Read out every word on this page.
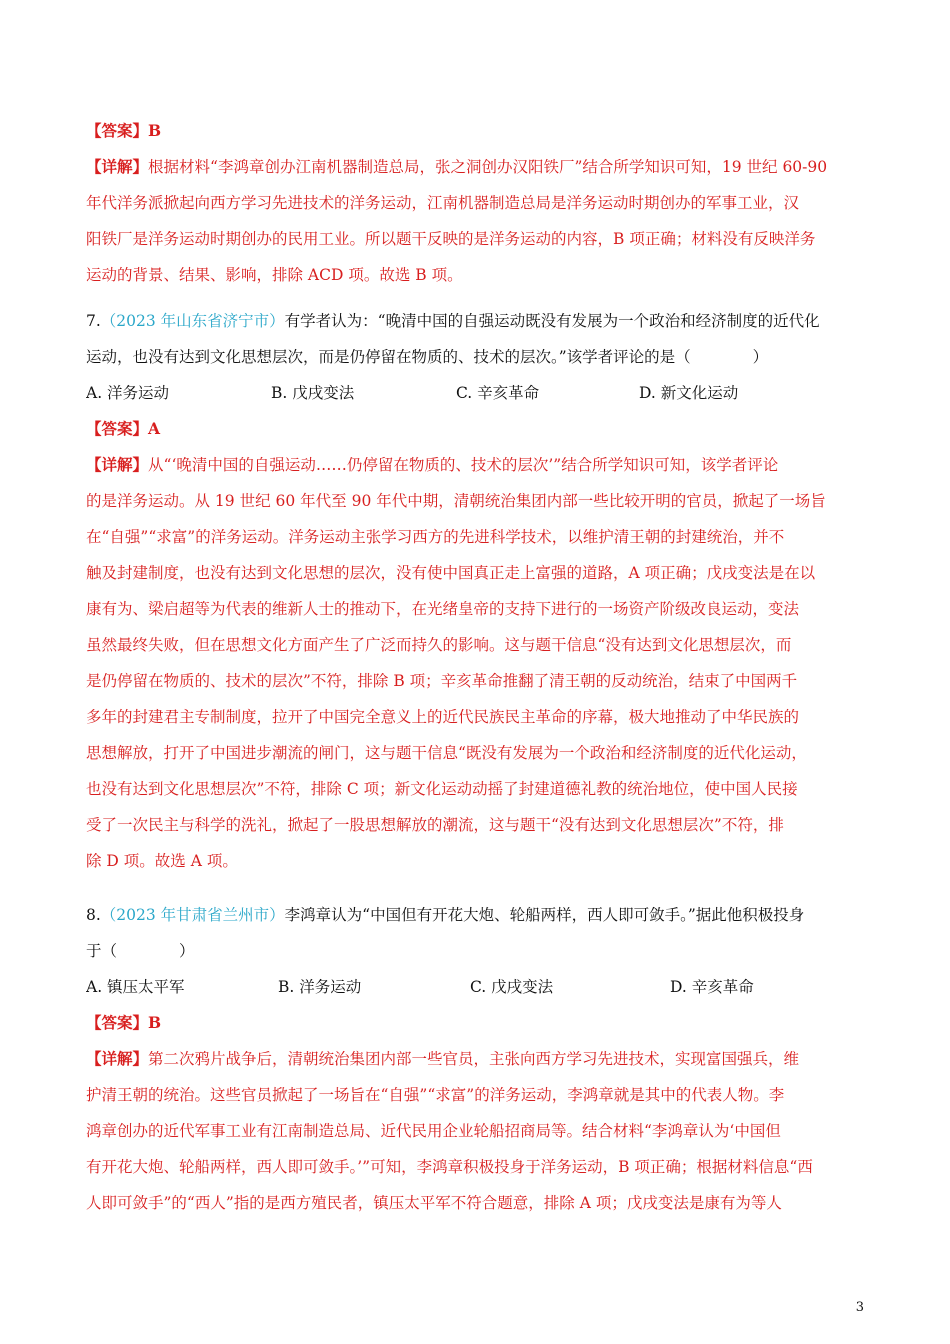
【答案】B
【详解】根据材料“李鸿章创办江南机器制造总局，张之洞创办汉阳铁厂”结合所学知识可知，19 世纪 60-90
年代洋务派掀起向西方学习先进技术的洋务运动，江南机器制造总局是洋务运动时期创办的军事工业，汉
阳铁厂是洋务运动时期创办的民用工业。所以题干反映的是洋务运动的内容，B 项正确；材料没有反映洋务
运动的背景、结果、影响，排除 ACD 项。故选 B 项。
7.（2023 年山东省济宁市）有学者认为：“晚清中国的自强运动既没有发展为一个政治和经济制度的近代化
运动，也没有达到文化思想层次，而是仍停留在物质的、技术的层次。”该学者评论的是（　　　　）
A. 洋务运动	B. 戊戌变法	C. 辛亥革命	D. 新文化运动
【答案】A
【详解】从“‘晚清中国的自强运动……仍停留在物质的、技术的层次’”结合所学知识可知，该学者评论
的是洋务运动。从 19 世纪 60 年代至 90 年代中期，清朝统治集团内部一些比较开明的官员，掀起了一场旨
在“自强”“求富”的洋务运动。洋务运动主张学习西方的先进科学技术，以维护清王朝的封建统治，并不
触及封建制度，也没有达到文化思想的层次，没有使中国真正走上富强的道路，A 项正确；戊戌变法是在以
康有为、梁启超等为代表的维新人士的推动下，在光绪皇帝的支持下进行的一场资产阶级改良运动，变法
虽然最终失败，但在思想文化方面产生了广泛而持久的影响。这与题干信息“没有达到文化思想层次，而
是仍停留在物质的、技术的层次”不符，排除 B 项；辛亥革命推翻了清王朝的反动统治，结束了中国两千
多年的封建君主专制制度，拉开了中国完全意义上的近代民族民主革命的序幕，极大地推动了中华民族的
思想解放，打开了中国进步潮流的闸门，这与题干信息“既没有发展为一个政治和经济制度的近代化运动，
也没有达到文化思想层次”不符，排除 C 项；新文化运动动摇了封建道德礼教的统治地位，使中国人民接
受了一次民主与科学的洗礼，掀起了一股思想解放的潮流，这与题干“没有达到文化思想层次”不符，排
除 D 项。故选 A 项。
8.（2023 年甘肃省兰州市）李鸿章认为“中国但有开花大炮、轮船两样，西人即可敛手。”据此他积极投身
于（　　　　）
A. 镇压太平军	B. 洋务运动	C. 戊戌变法	D. 辛亥革命
【答案】B
【详解】第二次鸦片战争后，清朝统治集团内部一些官员，主张向西方学习先进技术，实现富国强兵，维
护清王朝的统治。这些官员掀起了一场旨在“自强”“求富”的洋务运动，李鸿章就是其中的代表人物。李
鸿章创办的近代军事工业有江南制造总局、近代民用企业轮船招商局等。结合材料“李鸿章认为‘中国但
有开花大炮、轮船两样，西人即可敛手。’”可知，李鸿章积极投身于洋务运动，B 项正确；根据材料信息“西
人即可敛手”的“西人”指的是西方殖民者，镇压太平军不符合题意，排除 A 项；戊戌变法是康有为等人
3
